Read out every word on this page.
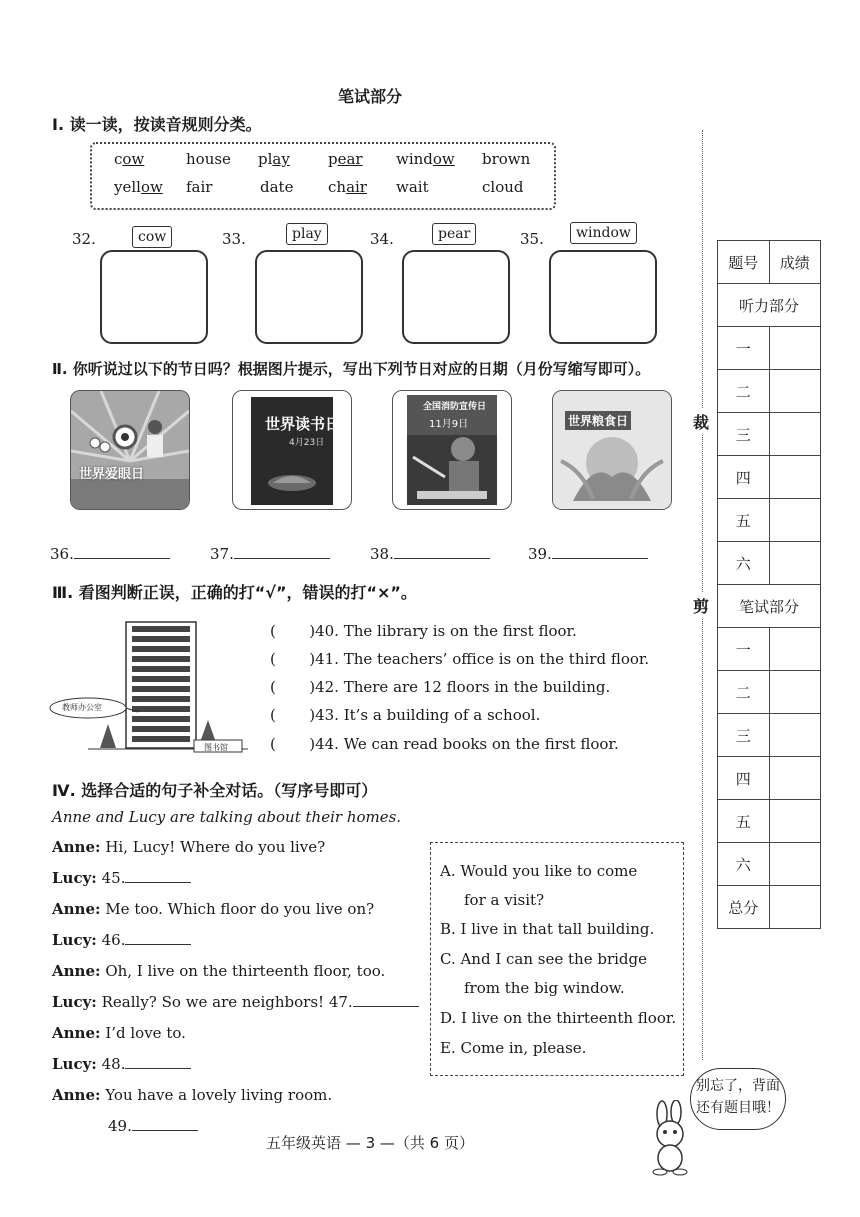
笔试部分
Ⅰ. 读一读，按读音规则分类。
cow	house play	pear window brown
yellow fair	date chair wait	cloud
32.	cow	33.	play	34.	pear	35.	window
Ⅱ. 你听说过以下的节日吗？根据图片提示，写出下列节日对应的日期（月份写缩写即可）。
世界爱眼日
世界读书日
4月23日
全国消防宣传日
11月9日	世界粮食日
36.	37.	38.	39.
Ⅲ. 看图判断正误，正确的打“√”，错误的打“×”。
教师办公室
图书馆
(       )40. The library is on the first floor.
(       )41. The teachers’ office is on the third floor.
(       )42. There are 12 floors in the building.
(       )43. It’s a building of a school.
(       )44. We can read books on the first floor.
Ⅳ. 选择合适的句子补全对话。（写序号即可）
Anne and Lucy are talking about their homes.
Anne: Hi, Lucy! Where do you live?
Lucy: 45.
Anne: Me too. Which floor do you live on?
Lucy: 46.
Anne: Oh, I live on the thirteenth floor, too.
Lucy: Really? So we are neighbors! 47.
Anne: I’d love to.
Lucy: 48.
Anne: You have a lovely living room.
49.
A. Would you like to come
for a visit?
B. I live in that tall building.
C. And I can see the bridge
from the big window.
D. I live on the thirteenth floor.
E. Come in, please.
裁
剪
题号	成绩
听力部分	
一	
二	
三	
四	
五	
六	
笔试部分	
一	
二	
三	
四	
五	
六	
总分	
别忘了，背面
还有题目哦！
五年级英语 — 3 —（共 6 页）
